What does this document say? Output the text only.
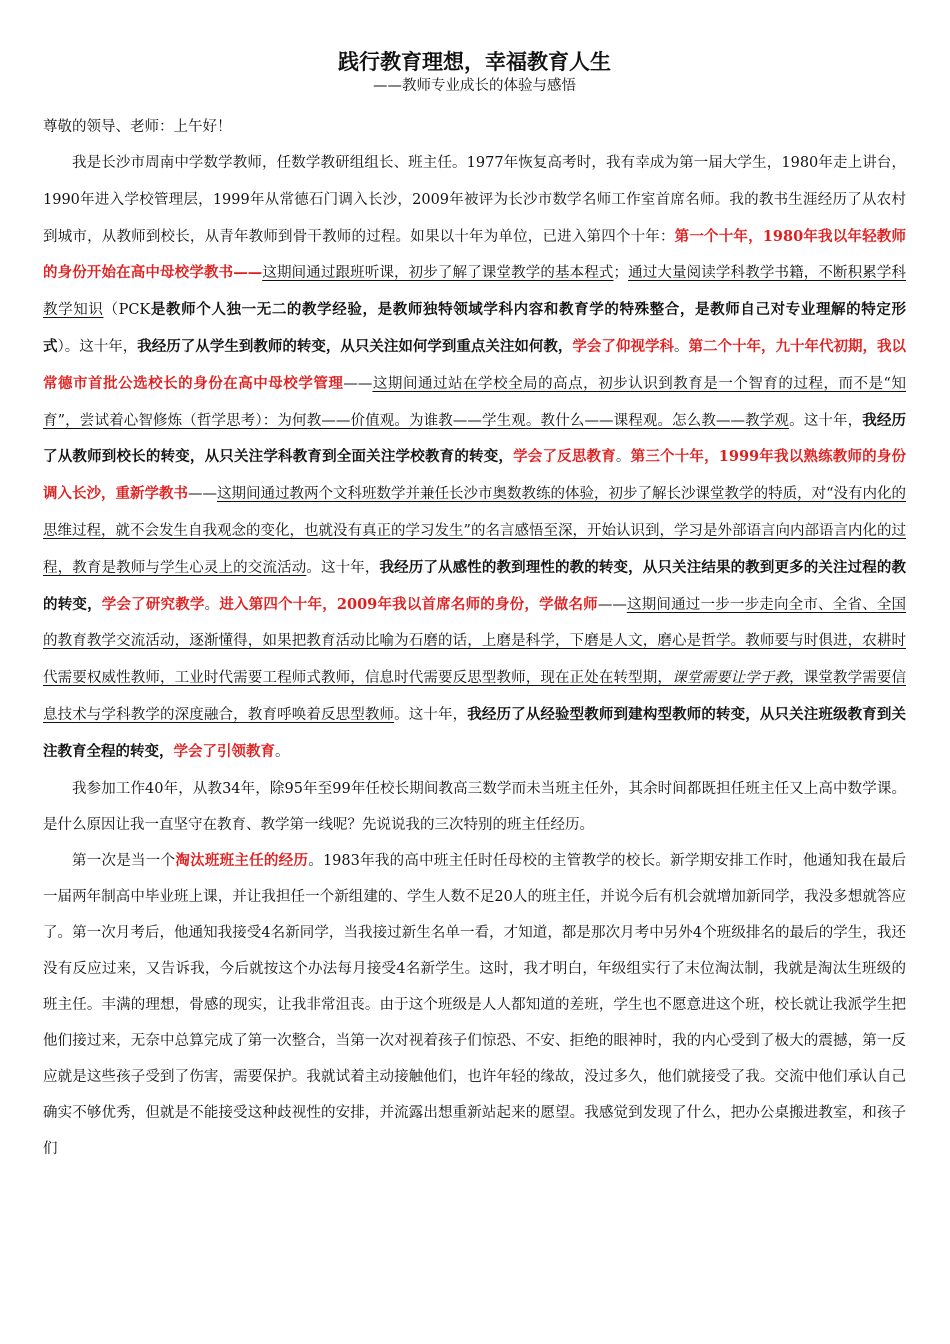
践行教育理想，幸福教育人生
——教师专业成长的体验与感悟

尊敬的领导、老师：上午好！

我是长沙市周南中学数学教师，任数学教研组组长、班主任。1977年恢复高考时，我有幸成为第一届大学生，1980年走上讲台，1990年进入学校管理层，1999年从常德石门调入长沙，2009年被评为长沙市数学名师工作室首席名师。我的教书生涯经历了从农村到城市，从教师到校长，从青年教师到骨干教师的过程。如果以十年为单位，已进入第四个十年：第一个十年，1980年我以年轻教师的身份开始在高中母校学教书——这期间通过跟班听课，初步了解了课堂教学的基本程式；通过大量阅读学科教学书籍，不断积累学科教学知识（PCK是教师个人独一无二的教学经验，是教师独特领域学科内容和教育学的特殊整合，是教师自己对专业理解的特定形式）。这十年，我经历了从学生到教师的转变，从只关注如何学到重点关注如何教，学会了仰视学科。第二个十年，九十年代初期，我以常德市首批公选校长的身份在高中母校学管理——这期间通过站在学校全局的高点，初步认识到教育是一个智育的过程，而不是“知育”，尝试着心智修炼（哲学思考）：为何教——价值观。为谁教——学生观。教什么——课程观。怎么教——教学观。这十年，我经历了从教师到校长的转变，从只关注学科教育到全面关注学校教育的转变，学会了反思教育。第三个十年，1999年我以熟练教师的身份调入长沙，重新学教书——这期间通过教两个文科班数学并兼任长沙市奥数教练的体验，初步了解长沙课堂教学的特质，对“没有内化的思维过程，就不会发生自我观念的变化，也就没有真正的学习发生”的名言感悟至深，开始认识到，学习是外部语言向内部语言内化的过程，教育是教师与学生心灵上的交流活动。这十年，我经历了从感性的教到理性的教的转变，从只关注结果的教到更多的关注过程的教的转变，学会了研究教学。进入第四个十年，2009年我以首席名师的身份，学做名师——这期间通过一步一步走向全市、全省、全国的教育教学交流活动，逐渐懂得，如果把教育活动比喻为石磨的话，上磨是科学，下磨是人文，磨心是哲学。教师要与时俱进，农耕时代需要权威性教师，工业时代需要工程师式教师，信息时代需要反思型教师，现在正处在转型期，课堂需要让学于教，课堂教学需要信息技术与学科教学的深度融合，教育呼唤着反思型教师。这十年，我经历了从经验型教师到建构型教师的转变，从只关注班级教育到关注教育全程的转变，学会了引领教育。

我参加工作40年，从教34年，除95年至99年任校长期间教高三数学而未当班主任外，其余时间都既担任班主任又上高中数学课。是什么原因让我一直坚守在教育、教学第一线呢？先说说我的三次特别的班主任经历。

第一次是当一个淘汰班班主任的经历。1983年我的高中班主任时任母校的主管教学的校长。新学期安排工作时，他通知我在最后一届两年制高中毕业班上课，并让我担任一个新组建的、学生人数不足20人的班主任，并说今后有机会就增加新同学，我没多想就答应了。第一次月考后，他通知我接受4名新同学，当我接过新生名单一看，才知道，都是那次月考中另外4个班级排名的最后的学生，我还没有反应过来，又告诉我，今后就按这个办法每月接受4名新学生。这时，我才明白，年级组实行了末位淘汰制，我就是淘汰生班级的班主任。丰满的理想，骨感的现实，让我非常沮丧。由于这个班级是人人都知道的差班，学生也不愿意进这个班，校长就让我派学生把他们接过来，无奈中总算完成了第一次整合，当第一次对视着孩子们惊恐、不安、拒绝的眼神时，我的内心受到了极大的震撼，第一反应就是这些孩子受到了伤害，需要保护。我就试着主动接触他们，也许年轻的缘故，没过多久，他们就接受了我。交流中他们承认自己确实不够优秀，但就是不能接受这种歧视性的安排，并流露出想重新站起来的愿望。我感觉到发现了什么，把办公桌搬进教室，和孩子们
